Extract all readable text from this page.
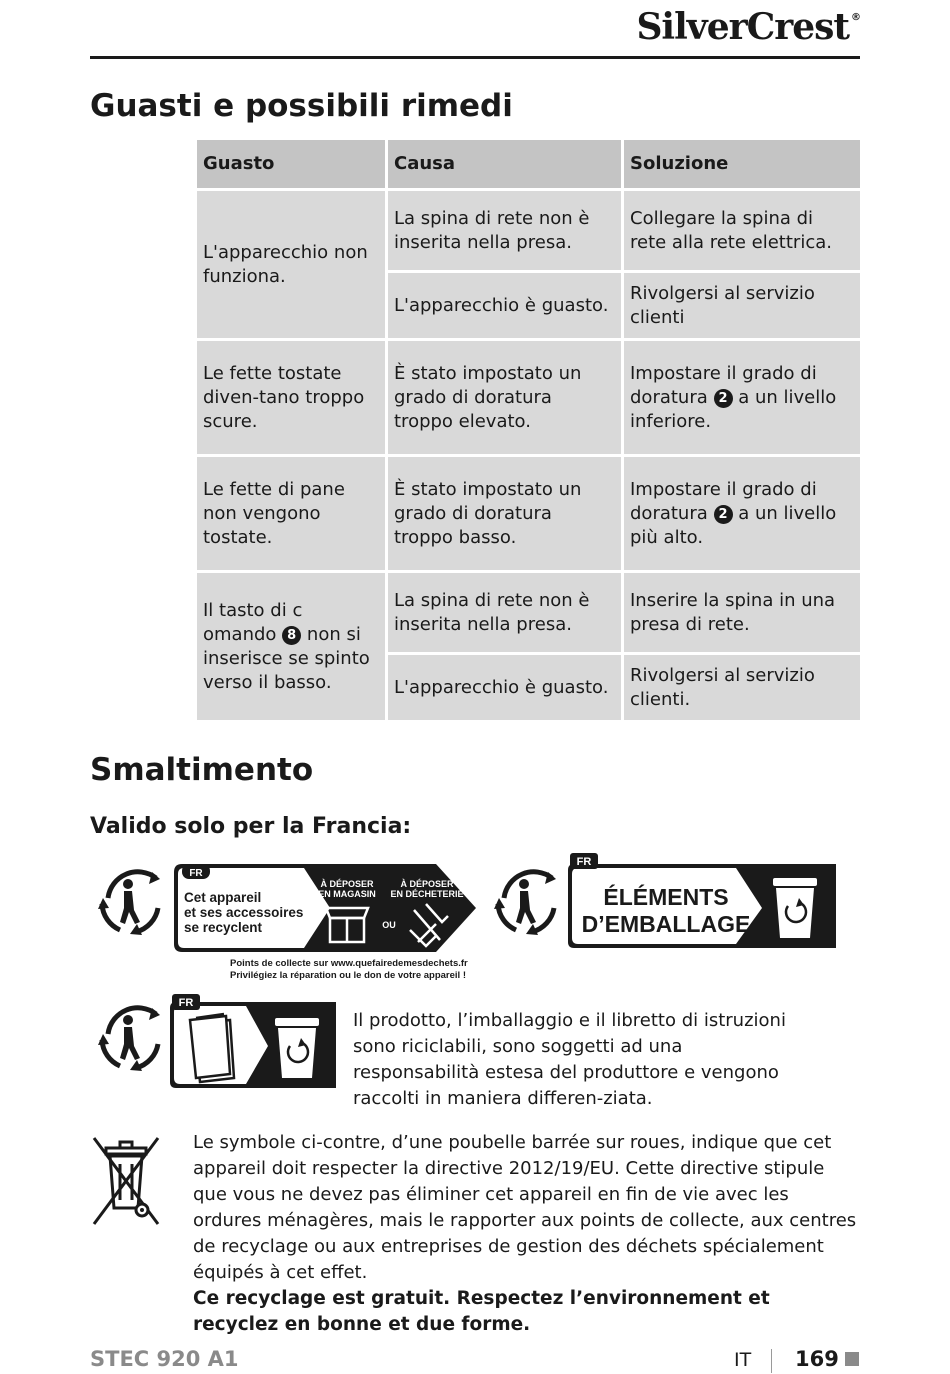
SilverCrest ®
Guasti e possibili rimedi
Guasto	Causa	Soluzione
L'apparecchio non funziona.	La spina di rete non è inserita nella presa.	Collegare la spina di rete alla rete elettrica.
	L'apparecchio è guasto.	Rivolgersi al servizio clienti
Le fette tostate diven-tano troppo scure.	È stato impostato un grado di doratura troppo elevato.	Impostare il grado di doratura 2 a un livello inferiore.
Le fette di pane non vengono tostate.	È stato impostato un grado di doratura troppo basso.	Impostare il grado di doratura 2 a un livello più alto.
Il tasto di c omando 8 non si inserisce se spinto verso il basso.	La spina di rete non è inserita nella presa.	Inserire la spina in una presa di rete.
	L'apparecchio è guasto.	Rivolgersi al servizio clienti.
Smaltimento
Valido solo per la Francia:
FR
Cet appareil
et ses accessoires
se recyclent
À DÉPOSER
EN MAGASIN
À DÉPOSER
EN DÉCHETERIE
OU
Points de collecte sur www.quefairedemesdechets.fr
Privilégiez la réparation ou le don de votre appareil !
FR
ÉLÉMENTS
D’EMBALLAGE
FR
Il prodotto, l’imballaggio e il libretto di istruzioni sono riciclabili, sono soggetti ad una responsabilità estesa del produttore e vengono raccolti in maniera differen-ziata.
Le symbole ci-contre, d’une poubelle barrée sur roues, indique que cet appareil doit respecter la directive 2012/19/EU. Cette directive stipule que vous ne devez pas éliminer cet appareil en fin de vie avec les ordures ménagères, mais le rapporter aux points de collecte, aux centres de recyclage ou aux entreprises de gestion des déchets spécialement équipés à cet effet.
Ce recyclage est gratuit. Respectez l’environnement et recyclez en bonne et due forme.
STEC 920 A1	IT 169
